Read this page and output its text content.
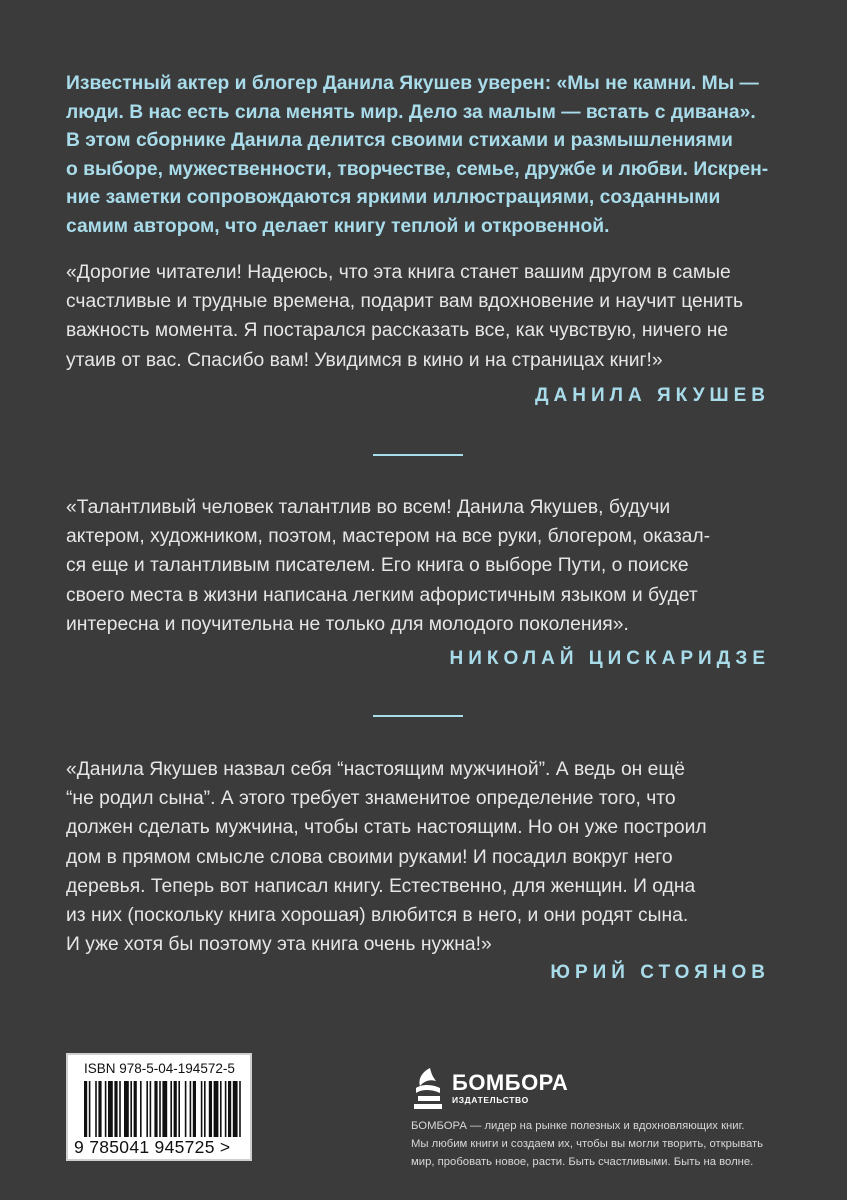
Известный актер и блогер Данила Якушев уверен: «Мы не камни. Мы —
люди. В нас есть сила менять мир. Дело за малым — встать с дивана».
В этом сборнике Данила делится своими стихами и размышлениями
о выборе, мужественности, творчестве, семье, дружбе и любви. Искрен-
ние заметки сопровождаются яркими иллюстрациями, созданными
самим автором, что делает книгу теплой и откровенной.

«Дорогие читатели! Надеюсь, что эта книга станет вашим другом в самые
счастливые и трудные времена, подарит вам вдохновение и научит ценить
важность момента. Я постарался рассказать все, как чувствую, ничего не
утаив от вас. Спасибо вам! Увидимся в кино и на страницах книг!»

ДАНИЛА ЯКУШЕВ

«Талантливый человек талантлив во всем! Данила Якушев, будучи
актером, художником, поэтом, мастером на все руки, блогером, оказал-
ся еще и талантливым писателем. Его книга о выборе Пути, о поиске
своего места в жизни написана легким афористичным языком и будет
интересна и поучительна не только для молодого поколения».

НИКОЛАЙ ЦИСКАРИДЗЕ

«Данила Якушев назвал себя “настоящим мужчиной”. А ведь он ещё
“не родил сына”. А этого требует знаменитое определение того, что
должен сделать мужчина, чтобы стать настоящим. Но он уже построил
дом в прямом смысле слова своими руками! И посадил вокруг него
деревья. Теперь вот написал книгу. Естественно, для женщин. И одна
из них (поскольку книга хорошая) влюбится в него, и они родят сына.
И уже хотя бы поэтому эта книга очень нужна!»

ЮРИЙ СТОЯНОВ

ISBN 978-5-04-194572-5
9 785041 945725 >

БОМБОРА

ИЗДАТЕЛЬСТВО

БОМБОРА — лидер на рынке полезных и вдохновляющих книг.
Мы любим книги и создаем их, чтобы вы могли творить, открывать
мир, пробовать новое, расти. Быть счастливыми. Быть на волне.
